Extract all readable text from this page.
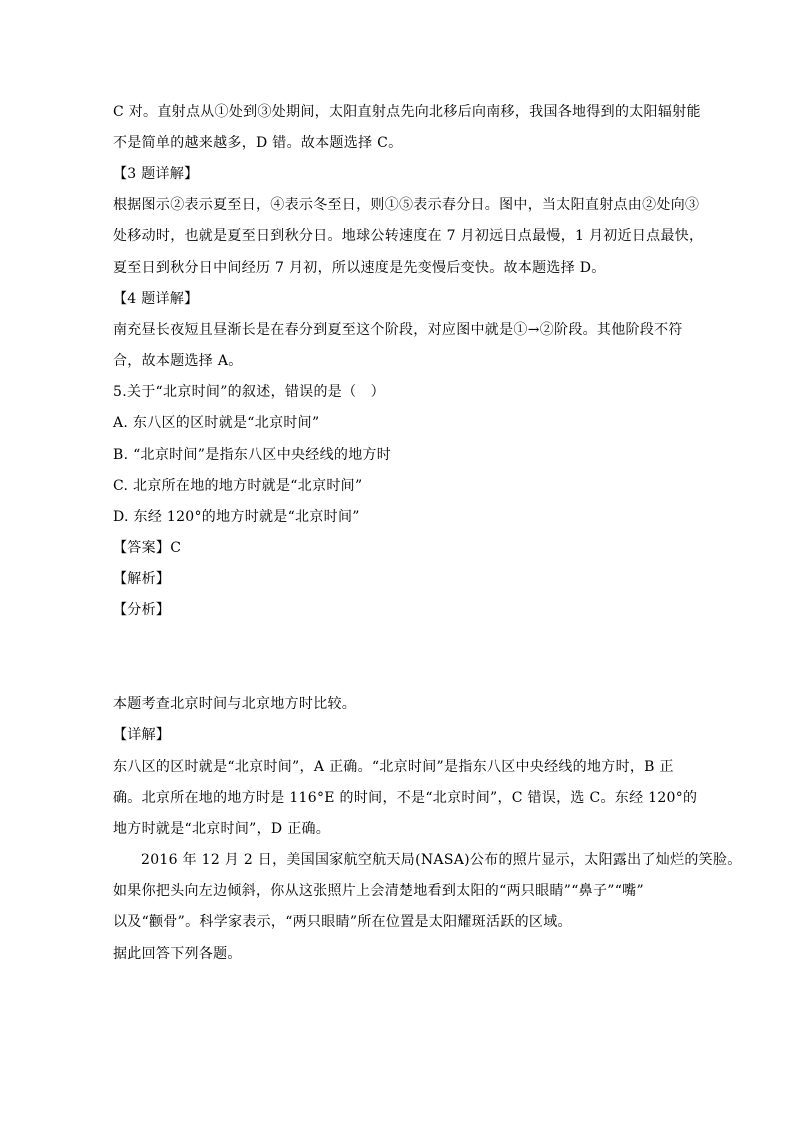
C 对。直射点从①处到③处期间，太阳直射点先向北移后向南移，我国各地得到的太阳辐射能
不是简单的越来越多，D 错。故本题选择 C。
【3 题详解】
根据图示②表示夏至日，④表示冬至日，则①⑤表示春分日。图中，当太阳直射点由②处向③
处移动时，也就是夏至日到秋分日。地球公转速度在 7 月初远日点最慢，1 月初近日点最快，
夏至日到秋分日中间经历 7 月初，所以速度是先变慢后变快。故本题选择 D。
【4 题详解】
南充昼长夜短且昼渐长是在春分到夏至这个阶段，对应图中就是①→②阶段。其他阶段不符
合，故本题选择 A。
5.关于“北京时间”的叙述，错误的是（　）
A. 东八区的区时就是“北京时间”
B. “北京时间”是指东八区中央经线的地方时
C. 北京所在地的地方时就是“北京时间”
D. 东经 120°的地方时就是“北京时间”
【答案】C
【解析】
【分析】
本题考查北京时间与北京地方时比较。
【详解】
东八区的区时就是“北京时间”，A 正确。“北京时间”是指东八区中央经线的地方时，B 正
确。北京所在地的地方时是 116°E 的时间，不是“北京时间”，C 错误，选 C。东经 120°的
地方时就是“北京时间”，D 正确。
2016 年 12 月 2 日，美国国家航空航天局(NASA)公布的照片显示，太阳露出了灿烂的笑脸。
如果你把头向左边倾斜，你从这张照片上会清楚地看到太阳的“两只眼睛”“鼻子”“嘴”
以及“颧骨”。科学家表示，“两只眼睛”所在位置是太阳耀斑活跃的区域。
据此回答下列各题。
